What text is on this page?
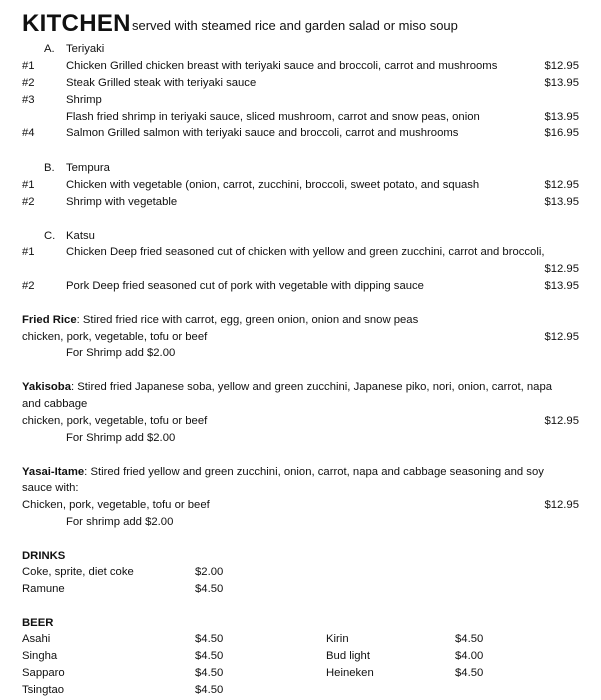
KITCHEN served with steamed rice and garden salad or miso soup
A. Teriyaki
#1	Chicken Grilled chicken breast with teriyaki sauce and broccoli, carrot and mushrooms	$12.95
#2	Steak Grilled steak with teriyaki sauce	$13.95
#3	Shrimp
Flash fried shrimp in teriyaki sauce, sliced mushroom, carrot and snow peas, onion	$13.95
#4	Salmon Grilled salmon with teriyaki sauce and broccoli, carrot and mushrooms	$16.95
B. Tempura
#1	Chicken with vegetable (onion, carrot, zucchini, broccoli, sweet potato, and squash	$12.95
#2	Shrimp with vegetable	$13.95
C. Katsu
#1	Chicken Deep fried seasoned cut of chicken with yellow and green zucchini, carrot and broccoli,
$12.95
#2	Pork Deep fried seasoned cut of pork with vegetable with dipping sauce	$13.95
Fried Rice: Stired fried rice with carrot, egg, green onion, onion and snow peas
chicken, pork, vegetable, tofu or beef	$12.95
For Shrimp add $2.00
Yakisoba: Stired fried Japanese soba, yellow and green zucchini, Japanese piko, nori, onion, carrot, napa
and cabbage
chicken, pork, vegetable, tofu or beef	$12.95
For Shrimp add $2.00
Yasai-Itame: Stired fried yellow and green zucchini, onion, carrot, napa and cabbage seasoning and soy
sauce with:
Chicken, pork, vegetable, tofu or beef	$12.95
For shrimp add $2.00
DRINKS
Coke, sprite, diet coke	$2.00
Ramune	$4.50
BEER
Asahi	$4.50	Kirin	$4.50
Singha	$4.50	Bud light	$4.00
Sapparo	$4.50	Heineken	$4.50
Tsingtao	$4.50
